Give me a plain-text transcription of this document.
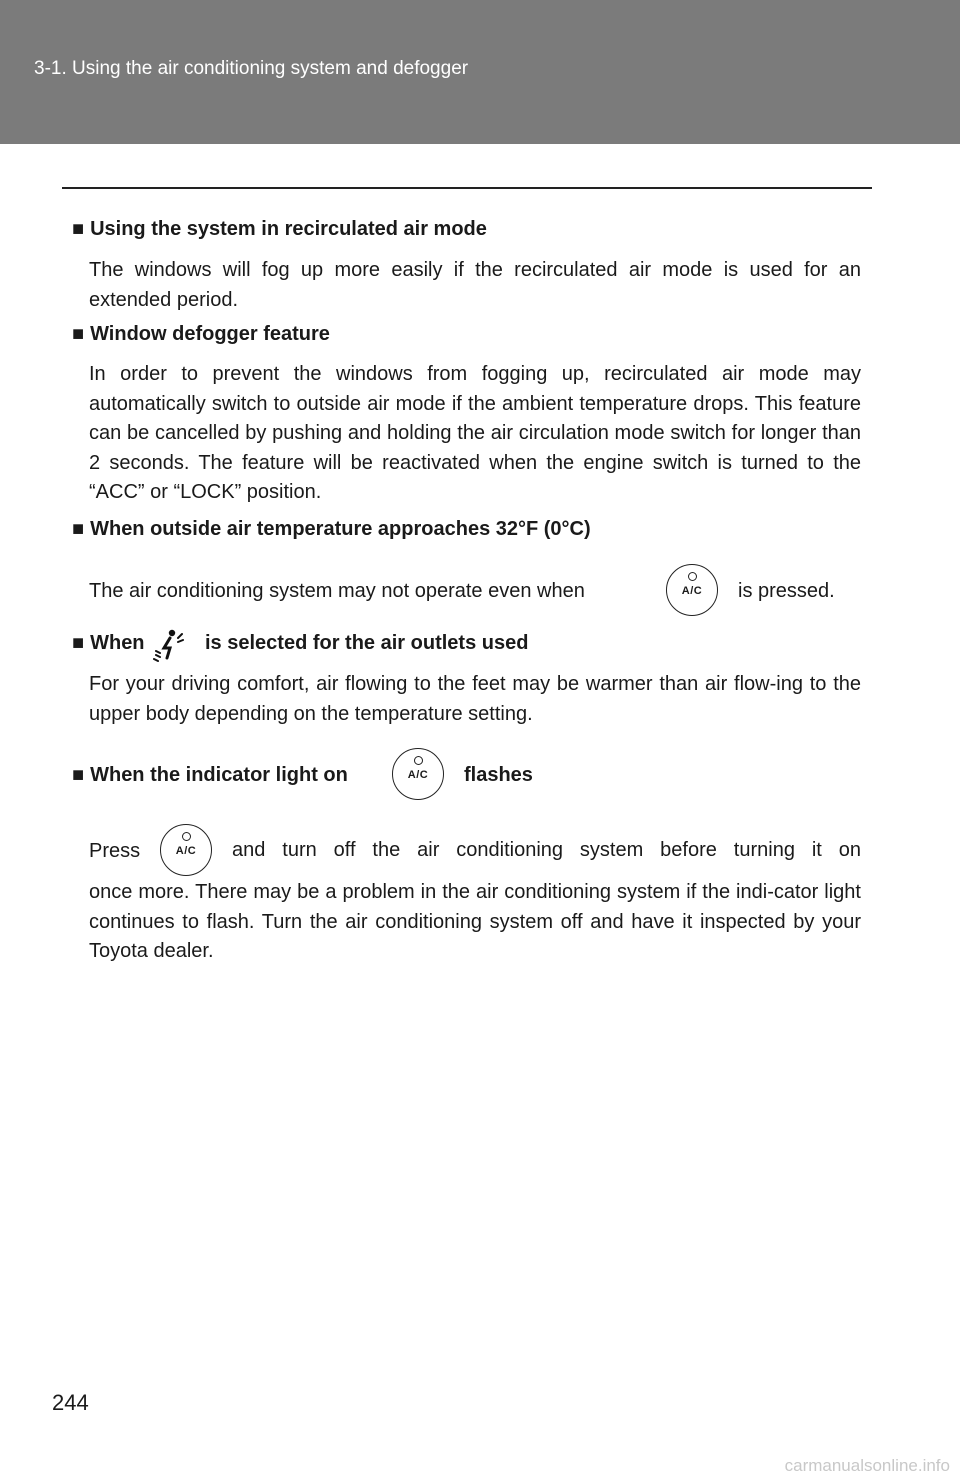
3-1. Using the air conditioning system and defogger
■ Using the system in recirculated air mode
The windows will fog up more easily if the recirculated air mode is used for an extended period.
■ Window defogger feature
In order to prevent the windows from fogging up, recirculated air mode may automatically switch to outside air mode if the ambient temperature drops. This feature can be cancelled by pushing and holding the air circulation mode switch for longer than 2 seconds. The feature will be reactivated when the engine switch is turned to the “ACC” or “LOCK” position.
■ When outside air temperature approaches 32°F (0°C)
The air conditioning system may not operate even when	A/C	is pressed.
■ When	is selected for the air outlets used
For your driving comfort, air flowing to the feet may be warmer than air flow-ing to the upper body depending on the temperature setting.
■ When the indicator light on	A/C	flashes
Press	A/C	and turn off the air conditioning system before turning it on
once more. There may be a problem in the air conditioning system if the indi-cator light continues to flash. Turn the air conditioning system off and have it inspected by your Toyota dealer.
244
carmanualsonline.info
